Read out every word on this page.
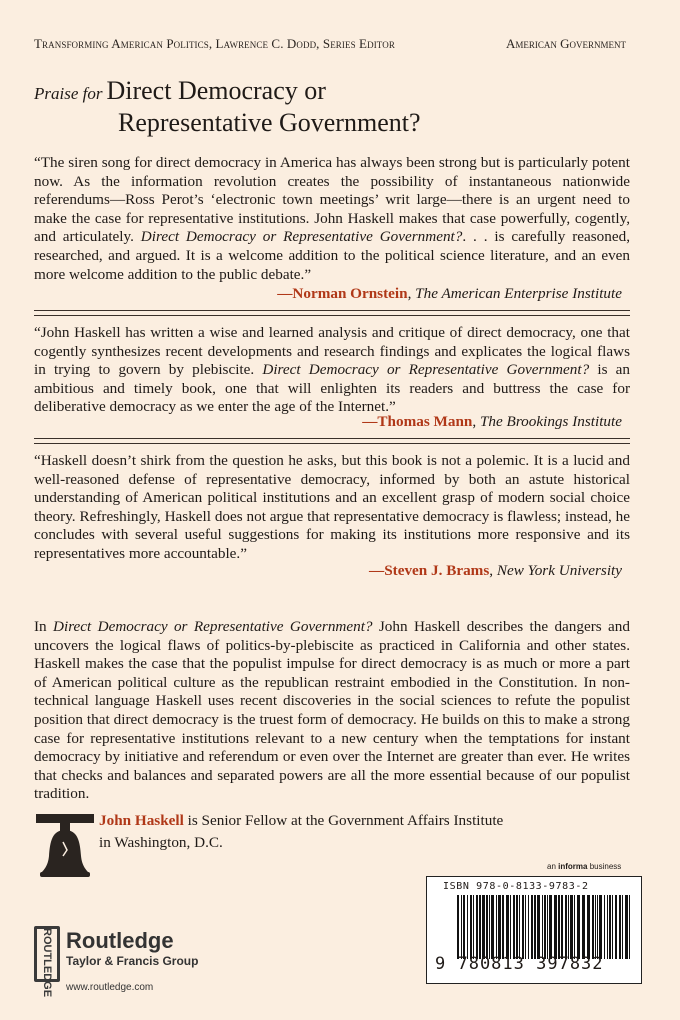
Transforming American Politics, Lawrence C. Dodd, Series Editor	American Government
Praise for Direct Democracy or
Representative Government?
“The siren song for direct democracy in America has always been strong but is particularly potent now. As the information revolution creates the possibility of instantaneous nationwide referendums—Ross Perot’s ‘electronic town meetings’ writ large—there is an urgent need to make the case for representative institutions. John Haskell makes that case powerfully, cogently, and articulately. Direct Democracy or Representative Government?. . . is carefully reasoned, researched, and argued. It is a welcome addition to the political science literature, and an even more welcome addition to the public debate.”
—Norman Ornstein, The American Enterprise Institute
“John Haskell has written a wise and learned analysis and critique of direct democracy, one that cogently synthesizes recent developments and research findings and explicates the logical flaws in trying to govern by plebiscite. Direct Democracy or Representative Government? is an ambitious and timely book, one that will enlighten its readers and buttress the case for deliberative democracy as we enter the age of the Internet.”
—Thomas Mann, The Brookings Institute
“Haskell doesn’t shirk from the question he asks, but this book is not a polemic. It is a lucid and well-reasoned defense of representative democracy, informed by both an astute historical understanding of American political institutions and an excellent grasp of modern social choice theory. Refreshingly, Haskell does not argue that representative democracy is flawless; instead, he concludes with several useful suggestions for making its institutions more responsive and its representatives more accountable.”
—Steven J. Brams, New York University
In Direct Democracy or Representative Government? John Haskell describes the dangers and uncovers the logical flaws of politics-by-plebiscite as practiced in California and other states. Haskell makes the case that the populist impulse for direct democracy is as much or more a part of American political culture as the republican restraint embodied in the Constitution. In non-technical language Haskell uses recent discoveries in the social sciences to refute the populist position that direct democracy is the truest form of democracy. He builds on this to make a strong case for representative institutions relevant to a new century when the temptations for instant democracy by initiative and referendum or even over the Internet are greater than ever. He writes that checks and balances and separated powers are all the more essential because of our populist tradition.
John Haskell is Senior Fellow at the Government Affairs Institute
in Washington, D.C.
an informa business
ISBN 978-0-8133-9783-2
9 780813 397832
ROUTLEDGE Routledge
Taylor & Francis Group
www.routledge.com
